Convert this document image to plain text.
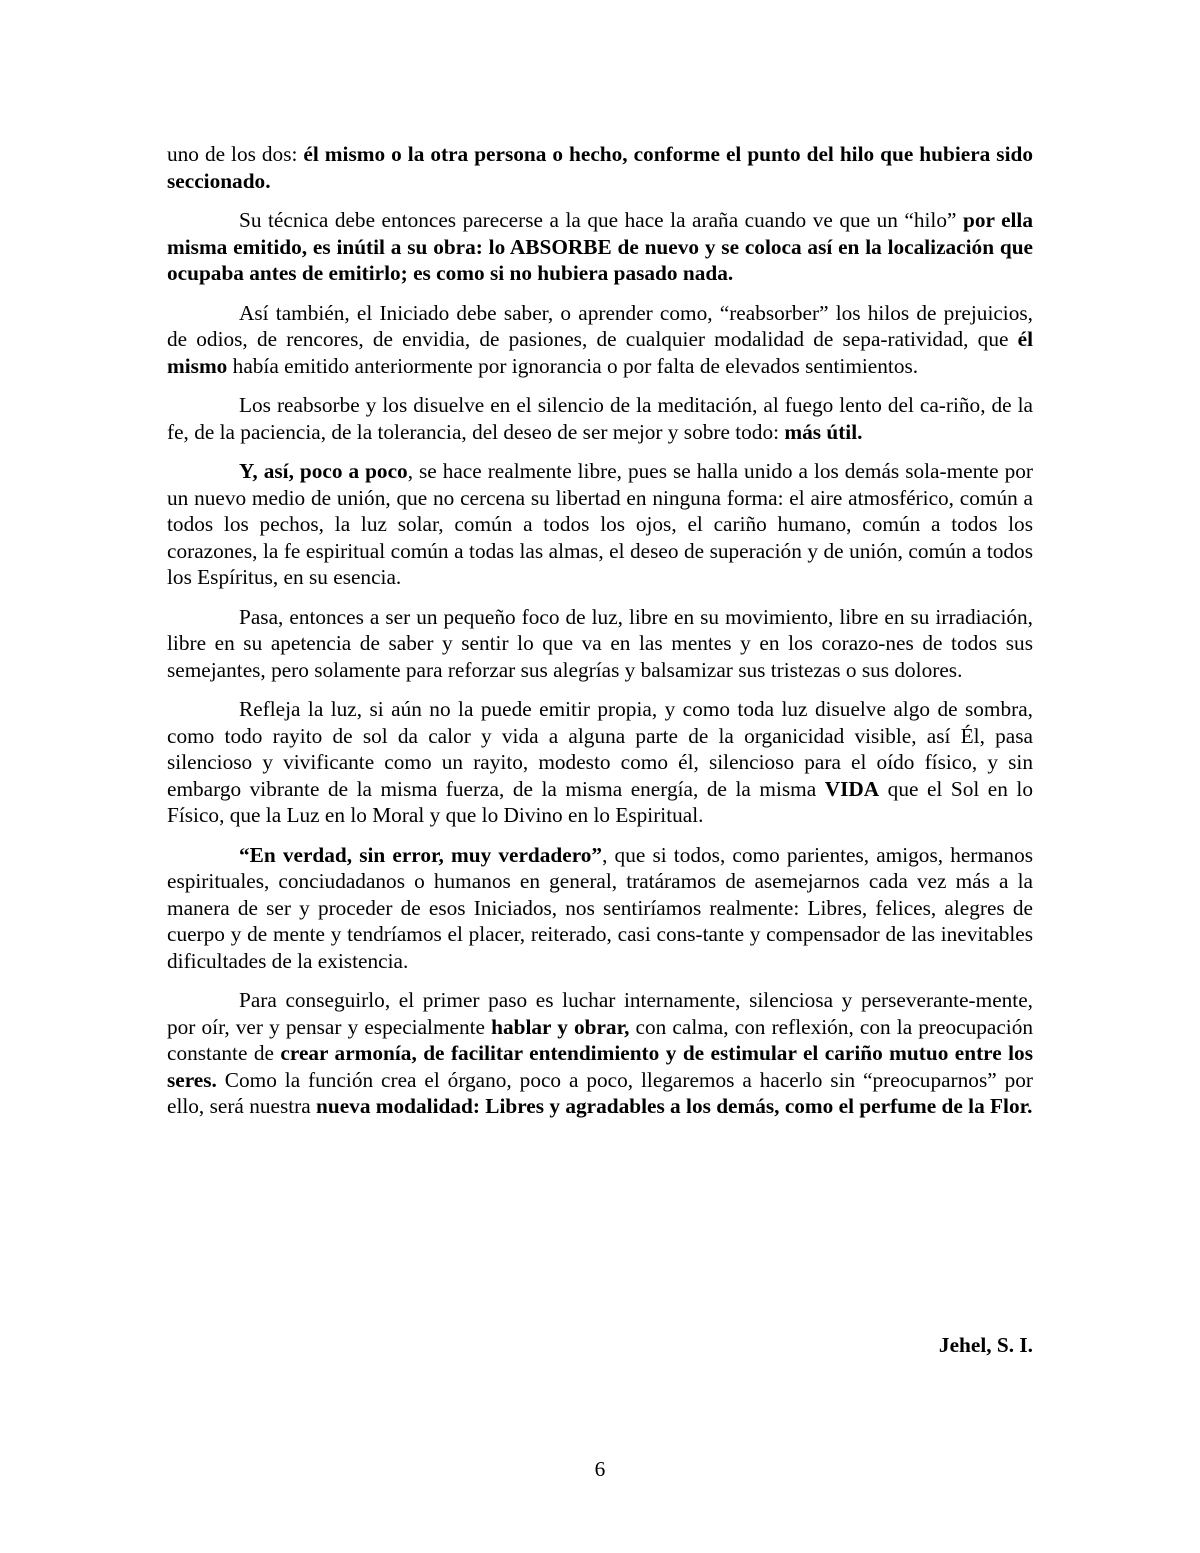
uno de los dos: él mismo o la otra persona o hecho, conforme el punto del hilo que hubiera sido seccionado.

Su técnica debe entonces parecerse a la que hace la araña cuando ve que un “hilo” por ella misma emitido, es inútil a su obra: lo ABSORBE de nuevo y se coloca así en la localización que ocupaba antes de emitirlo; es como si no hubiera pasado nada.

Así también, el Iniciado debe saber, o aprender como, “reabsorber” los hilos de prejuicios, de odios, de rencores, de envidia, de pasiones, de cualquier modalidad de sepa-ratividad, que él mismo había emitido anteriormente por ignorancia o por falta de elevados sentimientos.

Los reabsorbe y los disuelve en el silencio de la meditación, al fuego lento del ca-riño, de la fe, de la paciencia, de la tolerancia, del deseo de ser mejor y sobre todo: más útil.

Y, así, poco a poco, se hace realmente libre, pues se halla unido a los demás sola-mente por un nuevo medio de unión, que no cercena su libertad en ninguna forma: el aire atmosférico, común a todos los pechos, la luz solar, común a todos los ojos, el cariño humano, común a todos los corazones, la fe espiritual común a todas las almas, el deseo de superación y de unión, común a todos los Espíritus, en su esencia.

Pasa, entonces a ser un pequeño foco de luz, libre en su movimiento, libre en su irradiación, libre en su apetencia de saber y sentir lo que va en las mentes y en los corazo-nes de todos sus semejantes, pero solamente para reforzar sus alegrías y balsamizar sus tristezas o sus dolores.

Refleja la luz, si aún no la puede emitir propia, y como toda luz disuelve algo de sombra, como todo rayito de sol da calor y vida a alguna parte de la organicidad visible, así Él, pasa silencioso y vivificante como un rayito, modesto como él, silencioso para el oído físico, y sin embargo vibrante de la misma fuerza, de la misma energía, de la misma VIDA que el Sol en lo Físico, que la Luz en lo Moral y que lo Divino en lo Espiritual.

“En verdad, sin error, muy verdadero”, que si todos, como parientes, amigos, hermanos espirituales, conciudadanos o humanos en general, tratáramos de asemejarnos cada vez más a la manera de ser y proceder de esos Iniciados, nos sentiríamos realmente: Libres, felices, alegres de cuerpo y de mente y tendríamos el placer, reiterado, casi cons-tante y compensador de las inevitables dificultades de la existencia.

Para conseguirlo, el primer paso es luchar internamente, silenciosa y perseverante-mente, por oír, ver y pensar y especialmente hablar y obrar, con calma, con reflexión, con la preocupación constante de crear armonía, de facilitar entendimiento y de estimular el cariño mutuo entre los seres. Como la función crea el órgano, poco a poco, llegaremos a hacerlo sin “preocuparnos” por ello, será nuestra nueva modalidad: Libres y agradables a los demás, como el perfume de la Flor.

Jehel, S. I.
6
